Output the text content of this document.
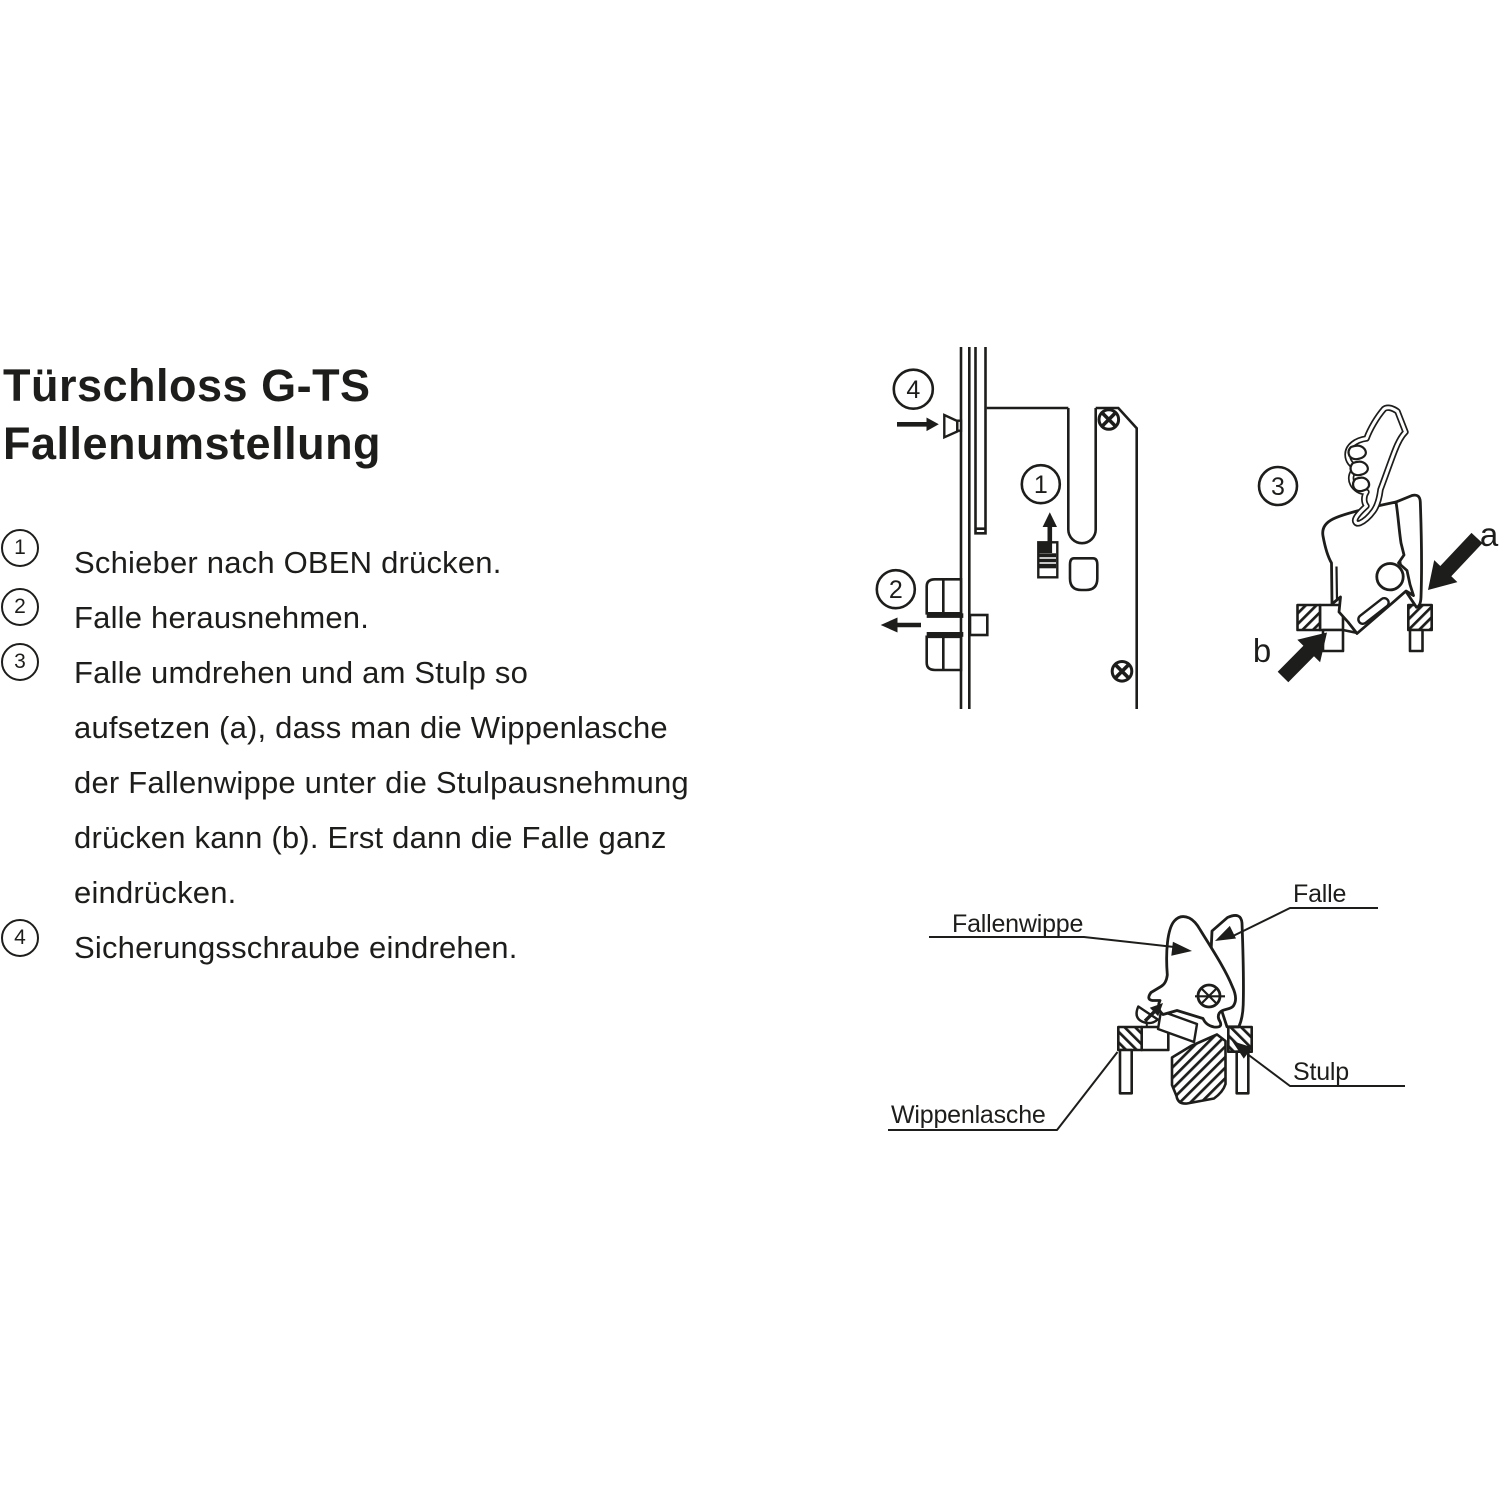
Türschloss G-TS
Fallenumstellung
1
2
3
4
Schieber nach OBEN drücken.
Falle herausnehmen.
Falle umdrehen und am Stulp so
aufsetzen (a), dass man die Wippenlasche
der Fallenwippe unter die Stulpausnehmung
drücken kann (b). Erst dann die Falle ganz
eindrücken.
Sicherungsschraube eindrehen.
4
1
2
a
b
3
Fallenwippe
Falle
Stulp
Wippenlasche
